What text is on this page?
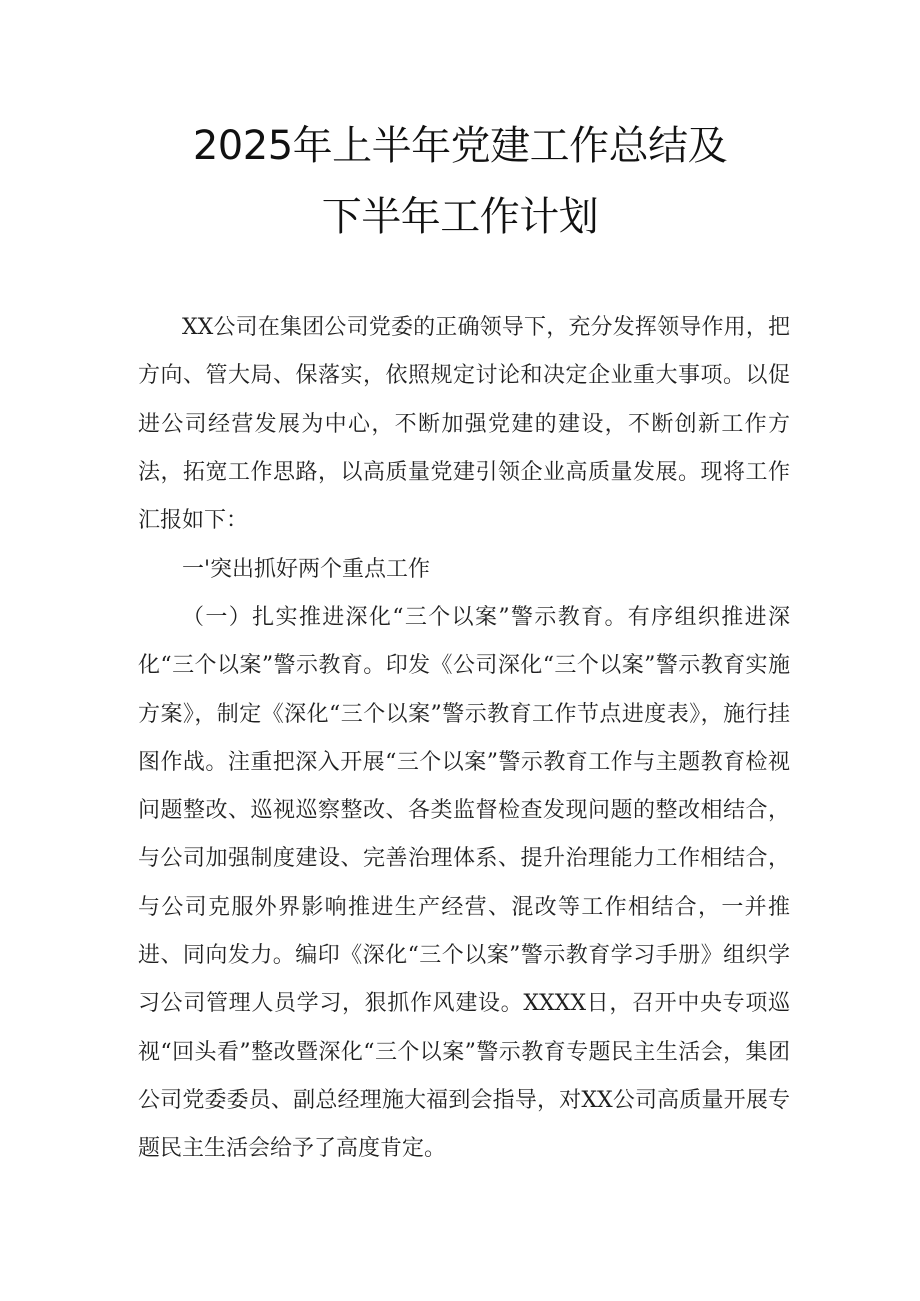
2025年上半年党建工作总结及
下半年工作计划

XX公司在集团公司党委的正确领导下，充分发挥领导作用，把方向、管大局、保落实，依照规定讨论和决定企业重大事项。以促进公司经营发展为中心，不断加强党建的建设，不断创新工作方法，拓宽工作思路，以高质量党建引领企业高质量发展。现将工作汇报如下：

一'突出抓好两个重点工作

（一）扎实推进深化“三个以案”警示教育。有序组织推进深化“三个以案”警示教育。印发《公司深化“三个以案”警示教育实施方案》，制定《深化“三个以案”警示教育工作节点进度表》，施行挂图作战。注重把深入开展“三个以案”警示教育工作与主题教育检视问题整改、巡视巡察整改、各类监督检查发现问题的整改相结合，与公司加强制度建设、完善治理体系、提升治理能力工作相结合，与公司克服外界影响推进生产经营、混改等工作相结合，一并推进、同向发力。编印《深化“三个以案”警示教育学习手册》组织学习公司管理人员学习，狠抓作风建设。XXXX日，召开中央专项巡视“回头看”整改暨深化“三个以案”警示教育专题民主生活会，集团公司党委委员、副总经理施大福到会指导，对XX公司高质量开展专题民主生活会给予了高度肯定。
